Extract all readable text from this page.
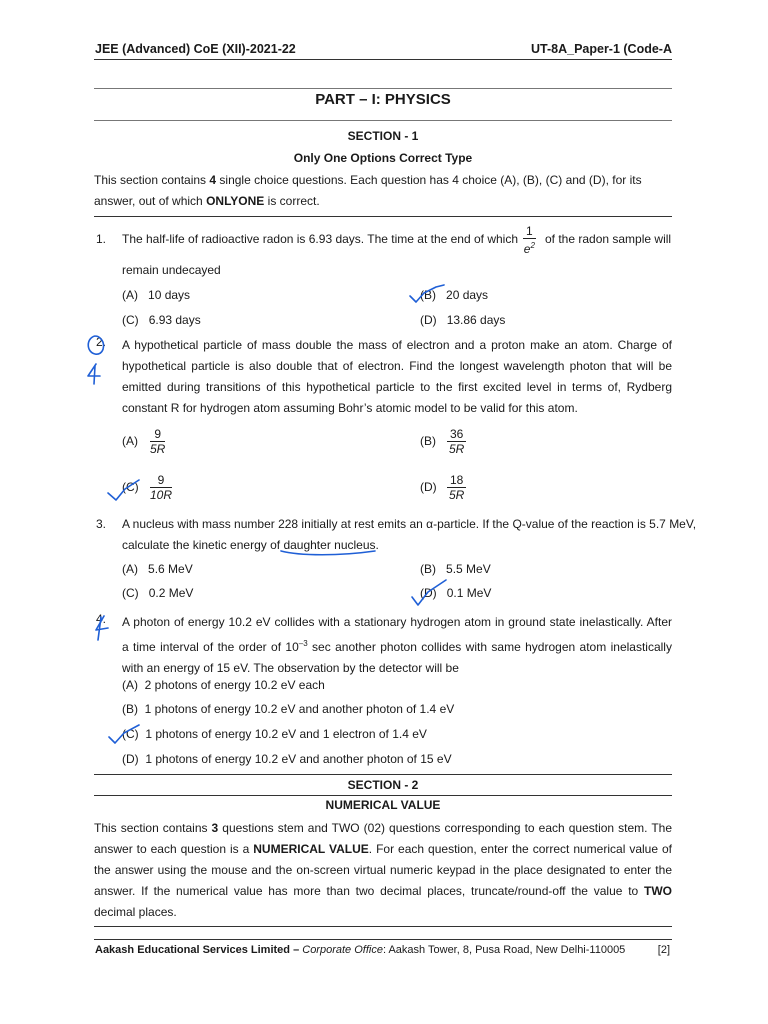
JEE (Advanced) CoE (XII)-2021-22	UT-8A_Paper-1 (Code-A
PART – I: PHYSICS
SECTION - 1
Only One Options Correct Type
This section contains 4 single choice questions. Each question has 4 choice (A), (B), (C) and (D), for its
answer, out of which ONLYONE is correct.
1. The half-life of radioactive radon is 6.93 days. The time at the end of which $\frac{1}{e^2}$ of the radon sample will
remain undecayed
(A) 10 days	(B) 20 days
(C) 6.93 days	(D) 13.86 days
2. A hypothetical particle of mass double the mass of electron and a proton make an atom. Charge of hypothetical particle is also double that of electron. Find the longest wavelength photon that will be emitted during transitions of this hypothetical particle to the first excited level in terms of, Rydberg constant R for hydrogen atom assuming Bohr’s atomic model to be valid for this atom.
$(A) \frac{9}{5R}$	$(B) \frac{36}{5R}$
$(C) \frac{9}{10R}$	$(D) \frac{18}{5R}$
3. A nucleus with mass number 228 initially at rest emits an α-particle. If the Q-value of the reaction is 5.7 MeV,
calculate the kinetic energy of daughter nucleus.
(A) 5.6 MeV	(B) 5.5 MeV
(C) 0.2 MeV	(D) 0.1 MeV
4. A photon of energy 10.2 eV collides with a stationary hydrogen atom in ground state inelastically. After a time interval of the order of $10^{-3}$ sec another photon collides with same hydrogen atom inelastically with an energy of 15 eV. The observation by the detector will be
(A) 2 photons of energy 10.2 eV each
(B) 1 photons of energy 10.2 eV and another photon of 1.4 eV
(C) 1 photons of energy 10.2 eV and 1 electron of 1.4 eV
(D) 1 photons of energy 10.2 eV and another photon of 15 eV
SECTION - 2
NUMERICAL VALUE
This section contains 3 questions stem and TWO (02) questions corresponding to each question stem. The answer to each question is a NUMERICAL VALUE. For each question, enter the correct numerical value of the answer using the mouse and the on-screen virtual numeric keypad in the place designated to enter the answer. If the numerical value has more than two decimal places, truncate/round-off the value to TWO decimal places.
Aakash Educational Services Limited – Corporate Office: Aakash Tower, 8, Pusa Road, New Delhi-110005	[2]
